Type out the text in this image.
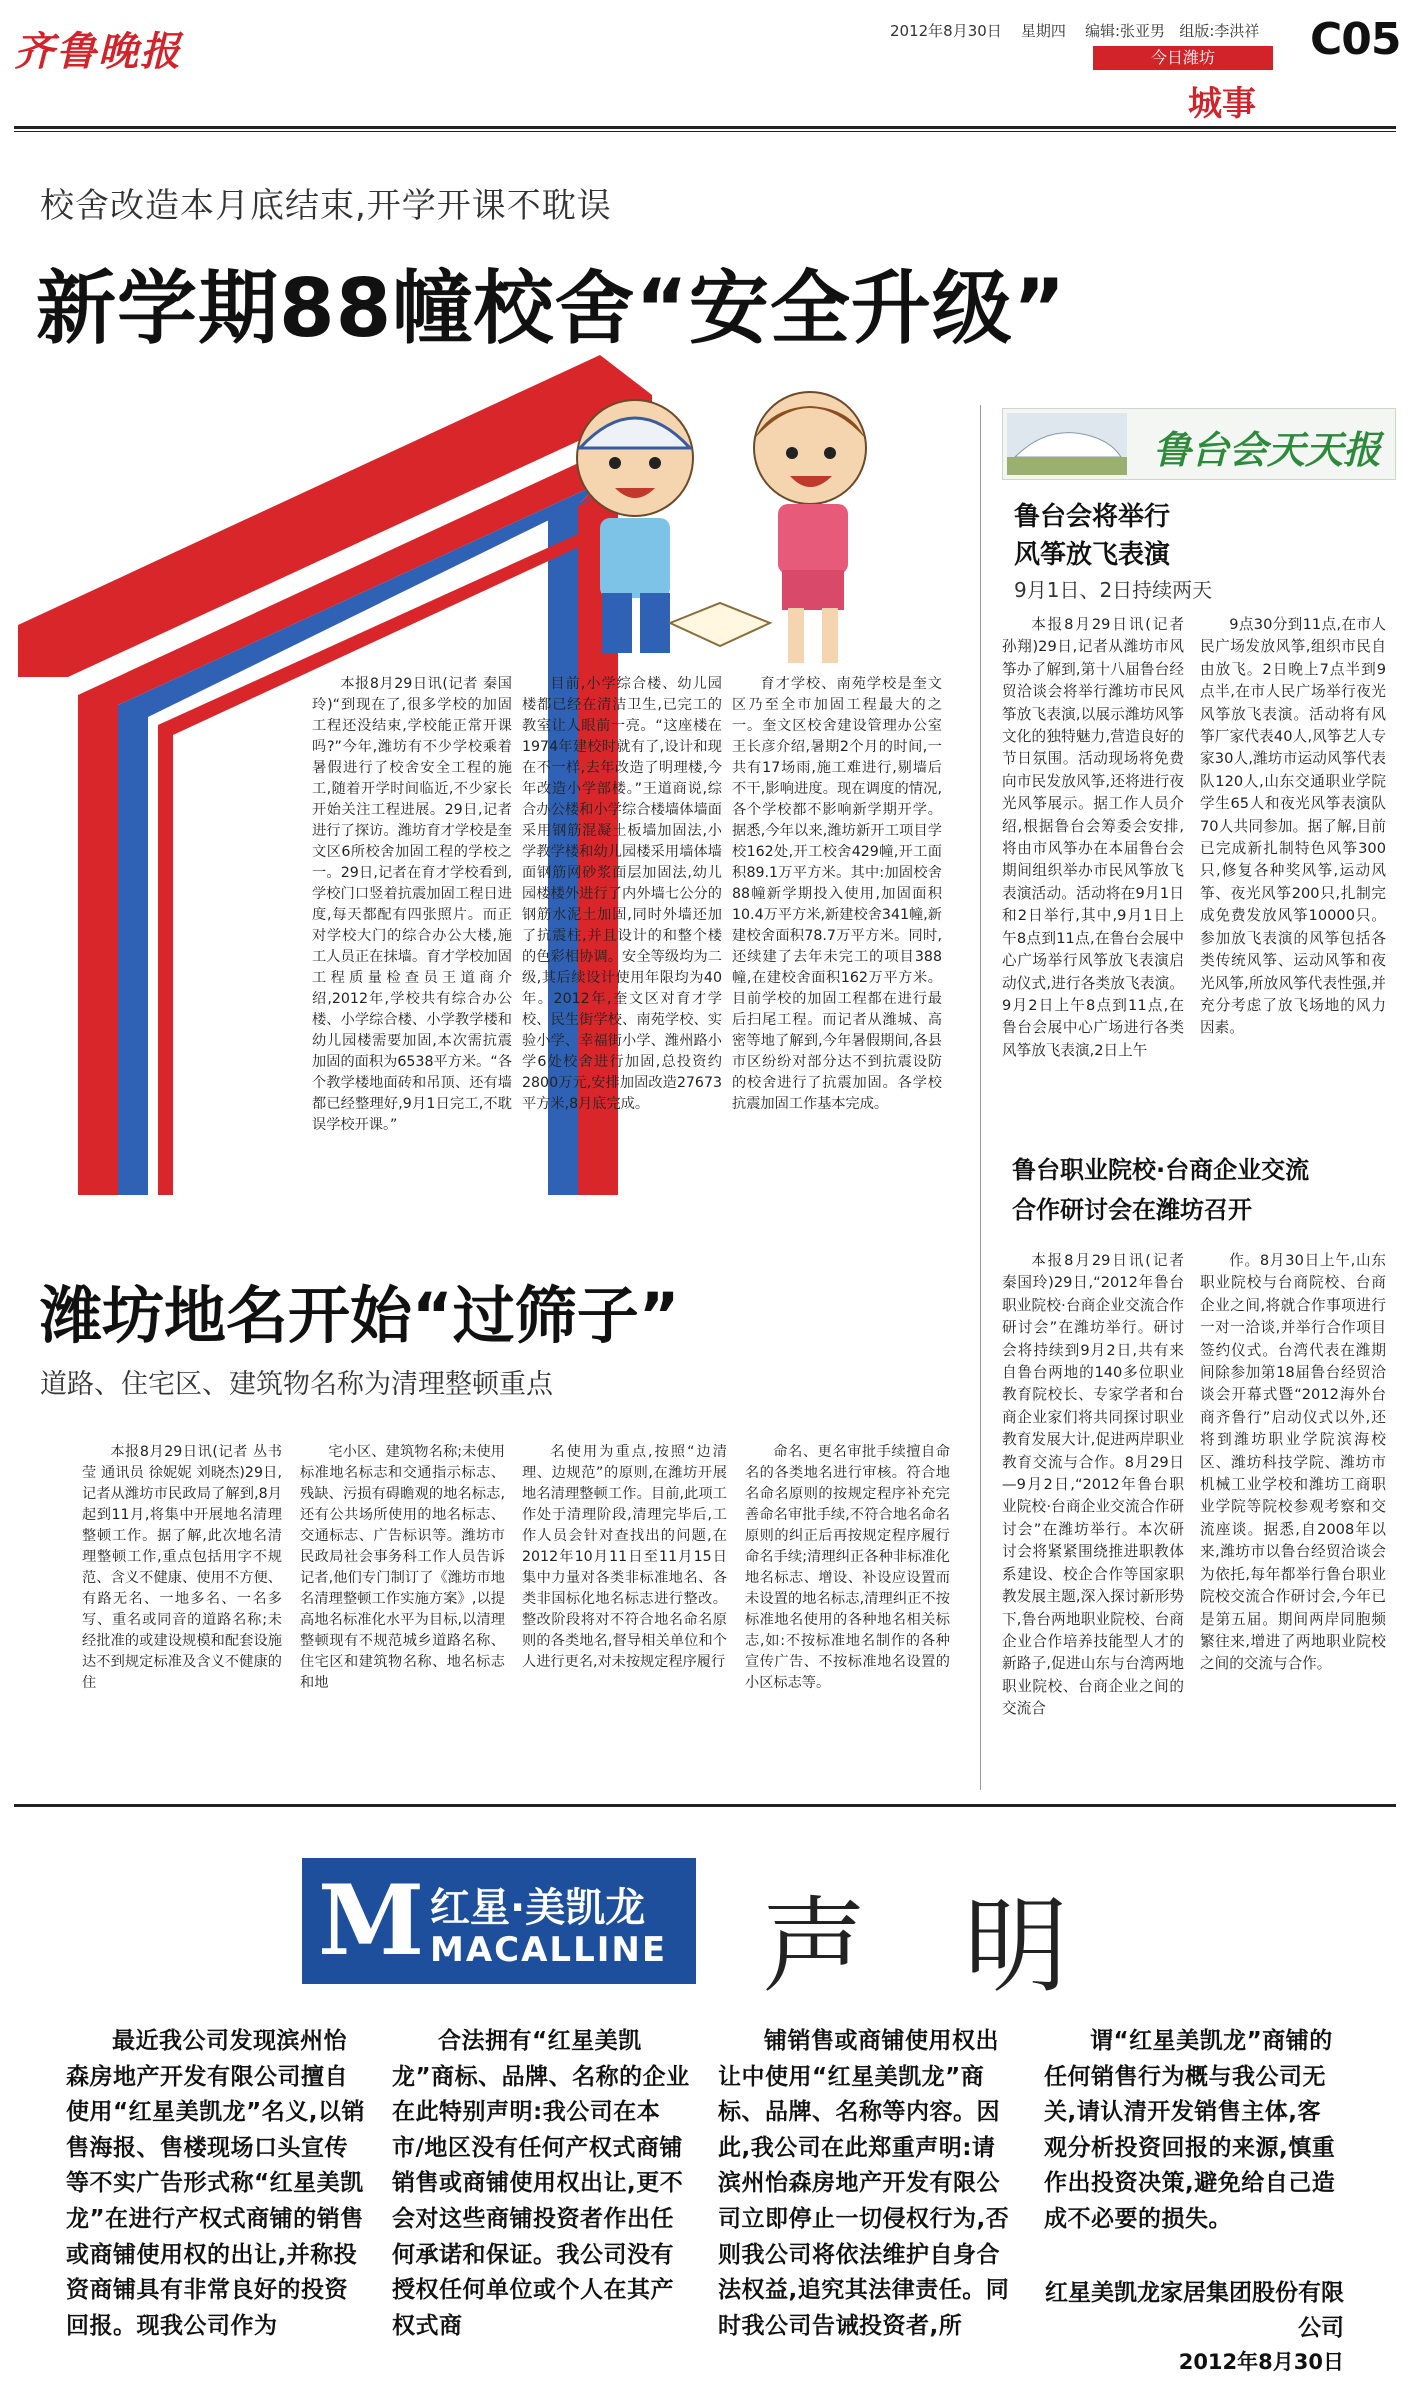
齐鲁晚报	2012年8月30日 星期四 编辑:张亚男 组版:李洪祥 C05
今日潍坊
城事
校舍改造本月底结束,开学开课不耽误
新学期88幢校舍“安全升级”

本报8月29日讯(记者 秦国玲)“到现在了,很多学校的加固工程还没结束,学校能正常开课吗?”今年,潍坊有不少学校乘着暑假进行了校舍安全工程的施工,随着开学时间临近,不少家长开始关注工程进展。29日,记者进行了探访。潍坊育才学校是奎文区6所校舍加固工程的学校之一。29日,记者在育才学校看到,学校门口竖着抗震加固工程日进度,每天都配有四张照片。而正对学校大门的综合办公大楼,施工人员正在抹墙。育才学校加固工程质量检查员王道商介绍,2012年,学校共有综合办公楼、小学综合楼、小学教学楼和幼儿园楼需要加固,本次需抗震加固的面积为6538平方米。“各个教学楼地面砖和吊顶、还有墙都已经整理好,9月1日完工,不耽误学校开课。”

目前,小学综合楼、幼儿园楼都已经在清洁卫生,已完工的教室让人眼前一亮。“这座楼在1974年建校时就有了,设计和现在不一样,去年改造了明理楼,今年改造小学部楼。”王道商说,综合办公楼和小学综合楼墙体墙面采用钢筋混凝土板墙加固法,小学教学楼和幼儿园楼采用墙体墙面钢筋网砂浆面层加固法,幼儿园楼楼外进行了内外墙七公分的钢筋水泥土加固,同时外墙还加了抗震柱,并且设计的和整个楼的色彩相协调。安全等级均为二级,其后续设计使用年限均为40年。2012年,奎文区对育才学校、民生街学校、南苑学校、实验小学、幸福街小学、潍州路小学6处校舍进行加固,总投资约2800万元,安排加固改造27673平方米,8月底完成。

育才学校、南苑学校是奎文区乃至全市加固工程最大的之一。奎文区校舍建设管理办公室王长彦介绍,暑期2个月的时间,一共有17场雨,施工难进行,剔墙后不干,影响进度。现在调度的情况,各个学校都不影响新学期开学。据悉,今年以来,潍坊新开工项目学校162处,开工校舍429幢,开工面积89.1万平方米。其中:加固校舍88幢新学期投入使用,加固面积10.4万平方米,新建校舍341幢,新建校舍面积78.7万平方米。同时,还续建了去年未完工的项目388幢,在建校舍面积162万平方米。目前学校的加固工程都在进行最后扫尾工程。而记者从潍城、高密等地了解到,今年暑假期间,各县市区纷纷对部分达不到抗震设防的校舍进行了抗震加固。各学校抗震加固工作基本完成。

潍坊地名开始“过筛子”
道路、住宅区、建筑物名称为清理整顿重点

本报8月29日讯(记者 丛书莹 通讯员 徐妮妮 刘晓杰)29日,记者从潍坊市民政局了解到,8月起到11月,将集中开展地名清理整顿工作。据了解,此次地名清理整顿工作,重点包括用字不规范、含义不健康、使用不方便、有路无名、一地多名、一名多写、重名或同音的道路名称;未经批准的或建设规模和配套设施达不到规定标准及含义不健康的住

宅小区、建筑物名称;未使用标准地名标志和交通指示标志、残缺、污损有碍瞻观的地名标志,还有公共场所使用的地名标志、交通标志、广告标识等。潍坊市民政局社会事务科工作人员告诉记者,他们专门制订了《潍坊市地名清理整顿工作实施方案》,以提高地名标准化水平为目标,以清理整顿现有不规范城乡道路名称、住宅区和建筑物名称、地名标志和地

名使用为重点,按照“边清理、边规范”的原则,在潍坊开展地名清理整顿工作。目前,此项工作处于清理阶段,清理完毕后,工作人员会针对查找出的问题,在2012年10月11日至11月15日集中力量对各类非标准地名、各类非国标化地名标志进行整改。整改阶段将对不符合地名命名原则的各类地名,督导相关单位和个人进行更名,对未按规定程序履行

命名、更名审批手续擅自命名的各类地名进行审核。符合地名命名原则的按规定程序补充完善命名审批手续,不符合地名命名原则的纠正后再按规定程序履行命名手续;清理纠正各种非标准化地名标志、增设、补设应设置而未设置的地名标志,清理纠正不按标准地名使用的各种地名相关标志,如:不按标准地名制作的各种宣传广告、不按标准地名设置的小区标志等。

鲁台会天天报
鲁台会将举行
风筝放飞表演
9月1日、2日持续两天

本报8月29日讯(记者 孙翔)29日,记者从潍坊市风筝办了解到,第十八届鲁台经贸洽谈会将举行潍坊市民风筝放飞表演,以展示潍坊风筝文化的独特魅力,营造良好的节日氛围。活动现场将免费向市民发放风筝,还将进行夜光风筝展示。据工作人员介绍,根据鲁台会筹委会安排,将由市风筝办在本届鲁台会期间组织举办市民风筝放飞表演活动。活动将在9月1日和2日举行,其中,9月1日上午8点到11点,在鲁台会展中心广场举行风筝放飞表演启动仪式,进行各类放飞表演。9月2日上午8点到11点,在鲁台会展中心广场进行各类风筝放飞表演,2日上午

9点30分到11点,在市人民广场发放风筝,组织市民自由放飞。2日晚上7点半到9点半,在市人民广场举行夜光风筝放飞表演。活动将有风筝厂家代表40人,风筝艺人专家30人,潍坊市运动风筝代表队120人,山东交通职业学院学生65人和夜光风筝表演队70人共同参加。据了解,目前已完成新扎制特色风筝300只,修复各种奖风筝,运动风筝、夜光风筝200只,扎制完成免费发放风筝10000只。参加放飞表演的风筝包括各类传统风筝、运动风筝和夜光风筝,所放风筝代表性强,并充分考虑了放飞场地的风力因素。

鲁台职业院校·台商企业交流
合作研讨会在潍坊召开

本报8月29日讯(记者 秦国玲)29日,“2012年鲁台职业院校·台商企业交流合作研讨会”在潍坊举行。研讨会将持续到9月2日,共有来自鲁台两地的140多位职业教育院校长、专家学者和台商企业家们将共同探讨职业教育发展大计,促进两岸职业教育交流与合作。8月29日—9月2日,“2012年鲁台职业院校·台商企业交流合作研讨会”在潍坊举行。本次研讨会将紧紧围绕推进职教体系建设、校企合作等国家职教发展主题,深入探讨新形势下,鲁台两地职业院校、台商企业合作培养技能型人才的新路子,促进山东与台湾两地职业院校、台商企业之间的交流合

作。8月30日上午,山东职业院校与台商院校、台商企业之间,将就合作事项进行一对一洽谈,并举行合作项目签约仪式。台湾代表在潍期间除参加第18届鲁台经贸洽谈会开幕式暨“2012海外台商齐鲁行”启动仪式以外,还将到潍坊职业学院滨海校区、潍坊科技学院、潍坊市机械工业学校和潍坊工商职业学院等院校参观考察和交流座谈。据悉,自2008年以来,潍坊市以鲁台经贸洽谈会为依托,每年都举行鲁台职业院校交流合作研讨会,今年已是第五届。期间两岸同胞频繁往来,增进了两地职业院校之间的交流与合作。

M 红星·美凯龙
MACALLINE 声明

最近我公司发现滨州怡森房地产开发有限公司擅自使用“红星美凯龙”名义,以销售海报、售楼现场口头宣传等不实广告形式称“红星美凯龙”在进行产权式商铺的销售或商铺使用权的出让,并称投资商铺具有非常良好的投资回报。现我公司作为

合法拥有“红星美凯龙”商标、品牌、名称的企业在此特别声明:我公司在本市/地区没有任何产权式商铺销售或商铺使用权出让,更不会对这些商铺投资者作出任何承诺和保证。我公司没有授权任何单位或个人在其产权式商

铺销售或商铺使用权出让中使用“红星美凯龙”商标、品牌、名称等内容。因此,我公司在此郑重声明:请滨州怡森房地产开发有限公司立即停止一切侵权行为,否则我公司将依法维护自身合法权益,追究其法律责任。同时我公司告诫投资者,所

谓“红星美凯龙”商铺的任何销售行为概与我公司无关,请认清开发销售主体,客观分析投资回报的来源,慎重作出投资决策,避免给自己造成不必要的损失。

红星美凯龙家居集团股份有限公司
2012年8月30日
